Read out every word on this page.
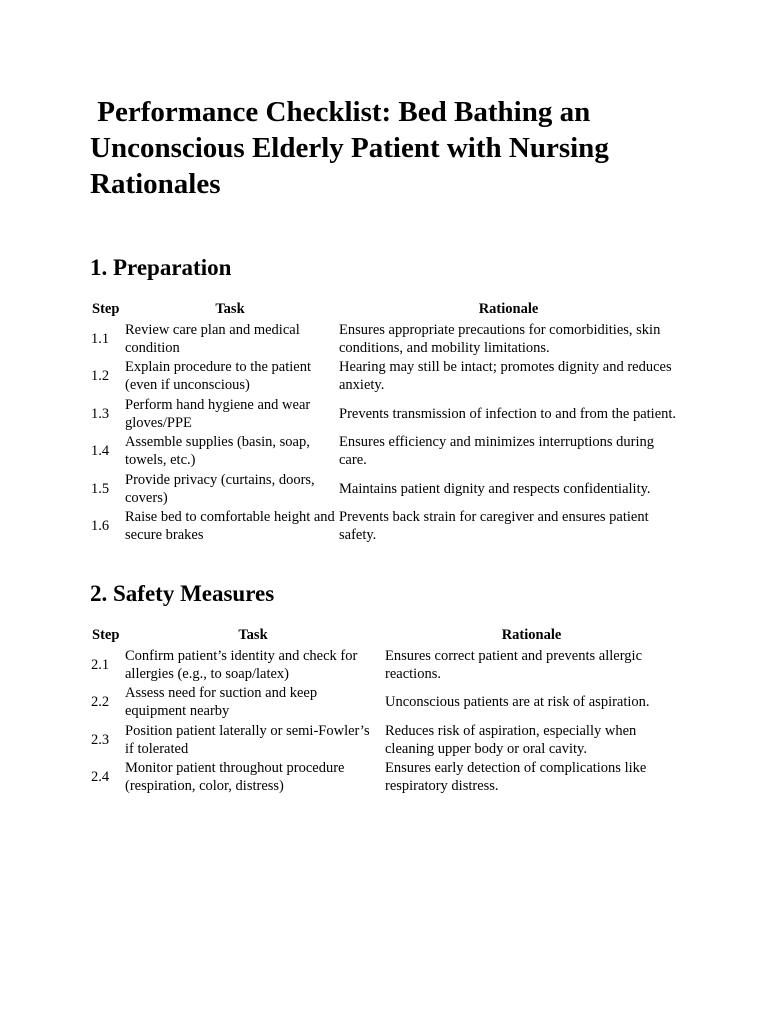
Performance Checklist: Bed Bathing an Unconscious Elderly Patient with Nursing Rationales
1. Preparation
Step	Task	Rationale
1.1	Review care plan and medical condition	Ensures appropriate precautions for comorbidities, skin conditions, and mobility limitations.
1.2	Explain procedure to the patient (even if unconscious)	Hearing may still be intact; promotes dignity and reduces anxiety.
1.3	Perform hand hygiene and wear gloves/PPE	Prevents transmission of infection to and from the patient.
1.4	Assemble supplies (basin, soap, towels, etc.)	Ensures efficiency and minimizes interruptions during care.
1.5	Provide privacy (curtains, doors, covers)	Maintains patient dignity and respects confidentiality.
1.6	Raise bed to comfortable height and secure brakes	Prevents back strain for caregiver and ensures patient safety.
2. Safety Measures
Step	Task	Rationale
2.1	Confirm patient’s identity and check for allergies (e.g., to soap/latex)	Ensures correct patient and prevents allergic reactions.
2.2	Assess need for suction and keep equipment nearby	Unconscious patients are at risk of aspiration.
2.3	Position patient laterally or semi-Fowler’s if tolerated	Reduces risk of aspiration, especially when cleaning upper body or oral cavity.
2.4	Monitor patient throughout procedure (respiration, color, distress)	Ensures early detection of complications like respiratory distress.
